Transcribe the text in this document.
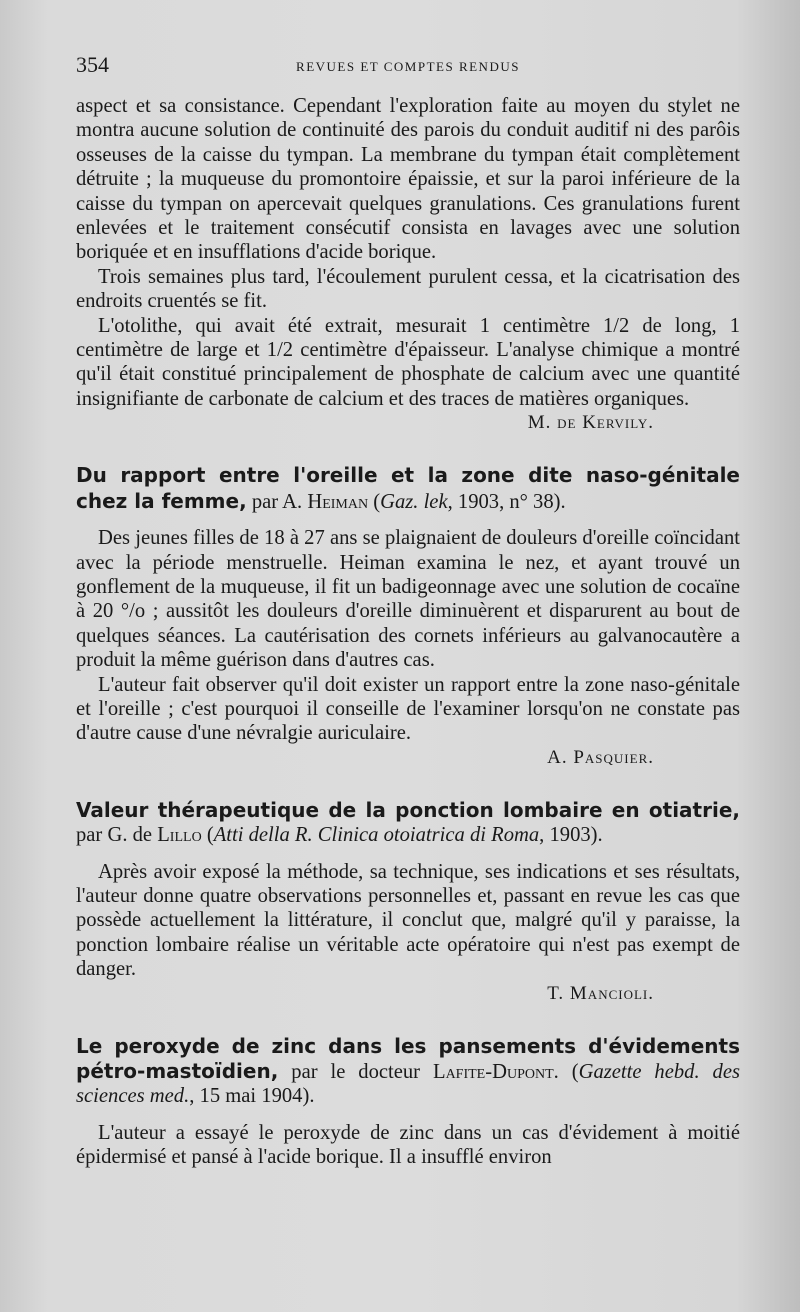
354	REVUES ET COMPTES RENDUS

aspect et sa consistance. Cependant l'exploration faite au moyen du stylet ne montra aucune solution de continuité des parois du conduit auditif ni des parôis osseuses de la caisse du tympan. La membrane du tympan était complètement détruite ; la muqueuse du promontoire épaissie, et sur la paroi inférieure de la caisse du tympan on apercevait quelques granulations. Ces granulations furent enlevées et le traitement consécutif consista en lavages avec une solution boriquée et en insufflations d'acide borique.

Trois semaines plus tard, l'écoulement purulent cessa, et la cicatrisation des endroits cruentés se fit.

L'otolithe, qui avait été extrait, mesurait 1 centimètre 1/2 de long, 1 centimètre de large et 1/2 centimètre d'épaisseur. L'analyse chimique a montré qu'il était constitué principalement de phosphate de calcium avec une quantité insignifiante de carbonate de calcium et des traces de matières organiques.

M. de Kervily.
Du rapport entre l'oreille et la zone dite naso-génitale chez la femme, par A. Heiman (Gaz. lek, 1903, n° 38).

Des jeunes filles de 18 à 27 ans se plaignaient de douleurs d'oreille coïncidant avec la période menstruelle. Heiman examina le nez, et ayant trouvé un gonflement de la muqueuse, il fit un badigeonnage avec une solution de cocaïne à 20 °/o ; aussitôt les douleurs d'oreille diminuèrent et disparurent au bout de quelques séances. La cautérisation des cornets inférieurs au galvanocautère a produit la même guérison dans d'autres cas.

L'auteur fait observer qu'il doit exister un rapport entre la zone naso-génitale et l'oreille ; c'est pourquoi il conseille de l'examiner lorsqu'on ne constate pas d'autre cause d'une névralgie auriculaire.

A. Pasquier.
Valeur thérapeutique de la ponction lombaire en otiatrie, par G. de Lillo (Atti della R. Clinica otoiatrica di Roma, 1903).

Après avoir exposé la méthode, sa technique, ses indications et ses résultats, l'auteur donne quatre observations personnelles et, passant en revue les cas que possède actuellement la littérature, il conclut que, malgré qu'il y paraisse, la ponction lombaire réalise un véritable acte opératoire qui n'est pas exempt de danger.

T. Mancioli.
Le peroxyde de zinc dans les pansements d'évidements pétro-mastoïdien, par le docteur Lafite-Dupont. (Gazette hebd. des sciences med., 15 mai 1904).

L'auteur a essayé le peroxyde de zinc dans un cas d'évidement à moitié épidermisé et pansé à l'acide borique. Il a insufflé environ
